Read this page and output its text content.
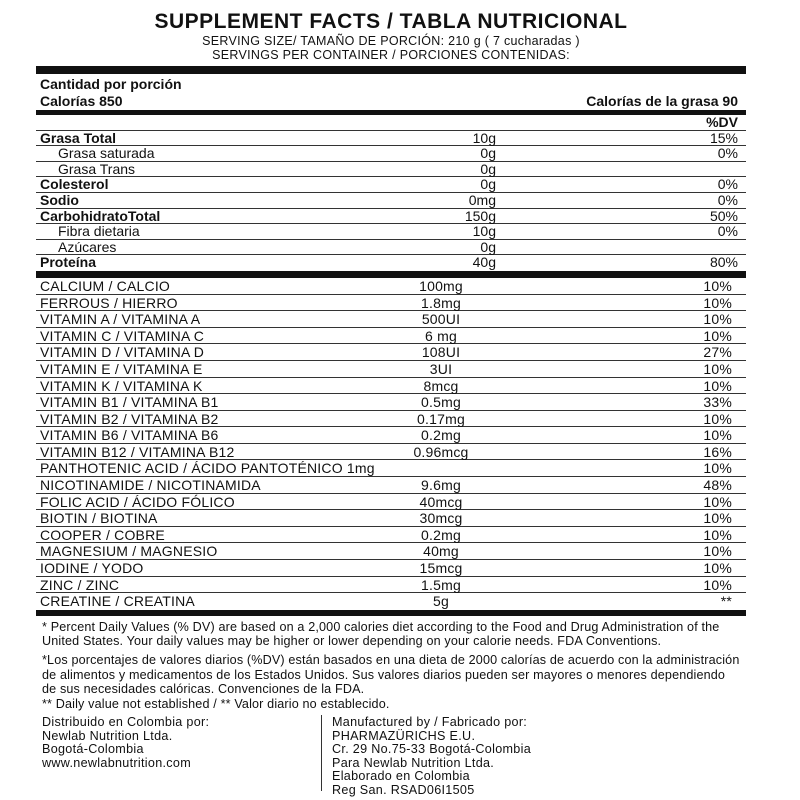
SUPPLEMENT FACTS / TABLA NUTRICIONAL
SERVING SIZE/ TAMAÑO DE PORCIÓN: 210 g ( 7 cucharadas )
SERVINGS PER CONTAINER / PORCIONES CONTENIDAS:
Cantidad por porción
Calorías 850	Calorías de la grasa 90
%DV
Grasa Total	10g	15%
Grasa saturada	0g	0%
Grasa Trans	0g
Colesterol	0g	0%
Sodio	0mg	0%
CarbohidratoTotal	150g	50%
Fibra dietaria	10g	0%
Azúcares	0g
Proteína	40g	80%
CALCIUM / CALCIO	100mg	10%
FERROUS / HIERRO	1.8mg	10%
VITAMIN A / VITAMINA A	500UI	10%
VITAMIN C / VITAMINA C	6 mg	10%
VITAMIN D / VITAMINA D	108UI	27%
VITAMIN E / VITAMINA E	3UI	10%
VITAMIN K / VITAMINA K	8mcg	10%
VITAMIN B1 / VITAMINA B1	0.5mg	33%
VITAMIN B2 / VITAMINA B2	0.17mg	10%
VITAMIN B6 / VITAMINA B6	0.2mg	10%
VITAMIN B12 / VITAMINA B12	0.96mcg	16%
PANTHOTENIC ACID / ÁCIDO PANTOTÉNICO 1mg	10%
NICOTINAMIDE / NICOTINAMIDA	9.6mg	48%
FOLIC ACID / ÁCIDO FÓLICO	40mcg	10%
BIOTIN / BIOTINA	30mcg	10%
COOPER / COBRE	0.2mg	10%
MAGNESIUM / MAGNESIO	40mg	10%
IODINE / YODO	15mcg	10%
ZINC / ZINC	1.5mg	10%
CREATINE / CREATINA	5g	**

* Percent Daily Values (% DV) are based on a 2,000 calories diet according to the Food and Drug Administration of the United States. Your daily values may be higher or lower depending on your calorie needs. FDA Conventions.

*Los porcentajes de valores diarios (%DV) están basados en una dieta de 2000 calorías de acuerdo con la administración de alimentos y medicamentos de los Estados Unidos. Sus valores diarios pueden ser mayores o menores dependiendo de sus necesidades calóricas. Convenciones de la FDA.

** Daily value not established / ** Valor diario no establecido.

Distribuido en Colombia por:
Newlab Nutrition Ltda.
Bogotá-Colombia
www.newlabnutrition.com
Manufactured by / Fabricado por:
PHARMAZÜRICHS E.U.
Cr. 29 No.75-33 Bogotá-Colombia
Para Newlab Nutrition Ltda.
Elaborado en Colombia
Reg San. RSAD06I1505
